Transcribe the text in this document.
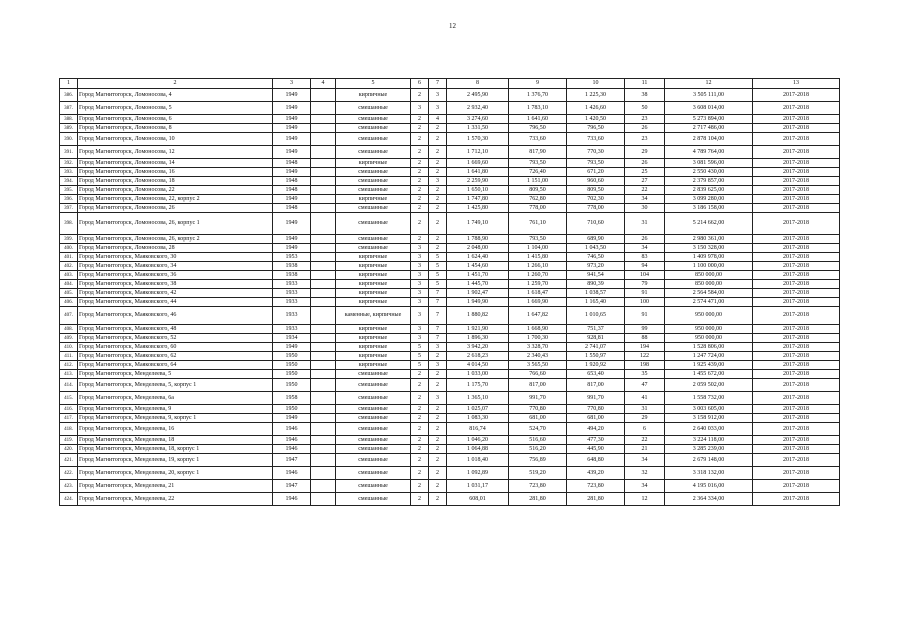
12
1	2	3	4	5	6	7	8	9	10	11	12	13
386.	Город Магнитогорск, Ломоносова, 4	1949		кирпичные	2	3	2 495,90	1 376,70	1 225,30	38	3 505 111,00	2017-2018
387.	Город Магнитогорск, Ломоносова, 5	1949		смешанные	3	3	2 932,40	1 783,10	1 426,60	50	3 608 014,00	2017-2018
388.	Город Магнитогорск, Ломоносова, 6	1949		смешанные	2	4	3 274,60	1 641,60	1 420,50	23	5 273 894,00	2017-2018
389.	Город Магнитогорск, Ломоносова, 8	1949		смешанные	2	2	1 331,50	796,50	796,50	26	2 717 486,00	2017-2018
390.	Город Магнитогорск, Ломоносова, 10	1949		смешанные	2	2	1 570,30	733,60	733,60	23	2 878 104,00	2017-2018
391.	Город Магнитогорск, Ломоносова, 12	1949		смешанные	2	2	1 712,10	817,90	770,30	29	4 789 764,00	2017-2018
392.	Город Магнитогорск, Ломоносова, 14	1948		кирпичные	2	2	1 669,60	793,50	793,50	26	3 081 596,00	2017-2018
393.	Город Магнитогорск, Ломоносова, 16	1949		смешанные	2	2	1 641,80	726,40	671,20	25	2 550 430,00	2017-2018
394.	Город Магнитогорск, Ломоносова, 18	1948		смешанные	2	3	2 259,90	1 151,00	960,60	27	2 379 857,00	2017-2018
395.	Город Магнитогорск, Ломоносова, 22	1948		смешанные	2	2	1 650,10	809,50	809,50	22	2 839 625,00	2017-2018
396.	Город Магнитогорск, Ломоносова, 22, корпус 2	1949		кирпичные	2	2	1 747,80	762,80	702,30	34	3 099 280,00	2017-2018
397.	Город Магнитогорск, Ломоносова, 26	1948		смешанные	2	2	1 425,80	778,00	778,00	30	3 186 158,00	2017-2018
398.	Город Магнитогорск, Ломоносова, 26, корпус 1	1949		смешанные	2	2	1 749,10	761,10	710,60	31	5 214 662,00	2017-2018
399.	Город Магнитогорск, Ломоносова, 26, корпус 2	1949		смешанные	2	2	1 788,90	793,50	689,90	26	2 980 361,00	2017-2018
400.	Город Магнитогорск, Ломоносова, 28	1949		смешанные	3	2	2 048,00	1 104,00	1 043,50	34	3 150 328,00	2017-2018
401.	Город Магнитогорск, Маяковского, 30	1953		кирпичные	3	5	1 624,40	1 415,80	746,50	83	1 409 978,00	2017-2018
402.	Город Магнитогорск, Маяковского, 34	1938		кирпичные	3	5	1 454,60	1 266,10	973,20	94	1 100 000,00	2017-2018
403.	Город Магнитогорск, Маяковского, 36	1938		кирпичные	3	5	1 451,70	1 260,70	941,54	104	850 000,00	2017-2018
404.	Город Магнитогорск, Маяковского, 38	1933		кирпичные	3	5	1 445,70	1 259,70	890,39	79	850 000,00	2017-2018
405.	Город Магнитогорск, Маяковского, 42	1933		кирпичные	3	7	1 902,47	1 618,47	1 038,57	91	2 564 584,00	2017-2018
406.	Город Магнитогорск, Маяковского, 44	1933		кирпичные	3	7	1 949,90	1 669,90	1 165,40	100	2 574 471,00	2017-2018
407.	Город Магнитогорск, Маяковского, 46	1933		каменные, кирпичные	3	7	1 880,82	1 647,82	1 010,65	91	950 000,00	2017-2018
408.	Город Магнитогорск, Маяковского, 48	1933		кирпичные	3	7	1 921,90	1 668,90	751,37	99	950 000,00	2017-2018
409.	Город Магнитогорск, Маяковского, 52	1934		кирпичные	3	7	1 896,30	1 700,30	928,81	88	950 000,00	2017-2018
410.	Город Магнитогорск, Маяковского, 60	1949		кирпичные	5	3	3 942,20	3 328,70	2 741,07	194	1 528 806,00	2017-2018
411.	Город Магнитогорск, Маяковского, 62	1950		кирпичные	5	2	2 618,23	2 340,43	1 550,97	122	1 247 724,00	2017-2018
412.	Город Магнитогорск, Маяковского, 64	1950		кирпичные	5	3	4 014,50	3 565,50	1 920,92	198	1 925 439,00	2017-2018
413.	Город Магнитогорск, Менделеева, 5	1950		смешанные	2	2	1 033,00	766,60	653,40	35	1 455 672,00	2017-2018
414.	Город Магнитогорск, Менделеева, 5, корпус 1	1950		смешанные	2	2	1 175,70	817,00	817,00	47	2 059 502,00	2017-2018
415.	Город Магнитогорск, Менделеева, 6а	1958		смешанные	2	3	1 365,10	991,70	991,70	41	1 558 732,00	2017-2018
416.	Город Магнитогорск, Менделеева, 9	1950		смешанные	2	2	1 025,07	770,80	770,80	31	3 003 605,00	2017-2018
417.	Город Магнитогорск, Менделеева, 9, корпус 1	1949		смешанные	2	2	1 083,30	681,00	681,00	29	3 158 912,00	2017-2018
418.	Город Магнитогорск, Менделеева, 16	1946		смешанные	2	2	816,74	524,70	494,20	6	2 640 033,00	2017-2018
419.	Город Магнитогорск, Менделеева, 18	1946		смешанные	2	2	1 046,20	516,60	477,30	22	3 224 118,00	2017-2018
420.	Город Магнитогорск, Менделеева, 18, корпус 1	1946		смешанные	2	2	1 064,88	516,20	445,90	21	3 285 239,00	2017-2018
421.	Город Магнитогорск, Менделеева, 19, корпус 1	1947		смешанные	2	2	1 018,40	756,89	648,80	34	2 679 148,00	2017-2018
422.	Город Магнитогорск, Менделеева, 20, корпус 1	1946		смешанные	2	2	1 092,89	519,20	439,20	32	3 318 132,00	2017-2018
423.	Город Магнитогорск, Менделеева, 21	1947		смешанные	2	2	1 031,17	723,80	723,80	34	4 195 016,00	2017-2018
424.	Город Магнитогорск, Менделеева, 22	1946		смешанные	2	2	608,01	281,80	281,80	12	2 364 334,00	2017-2018
